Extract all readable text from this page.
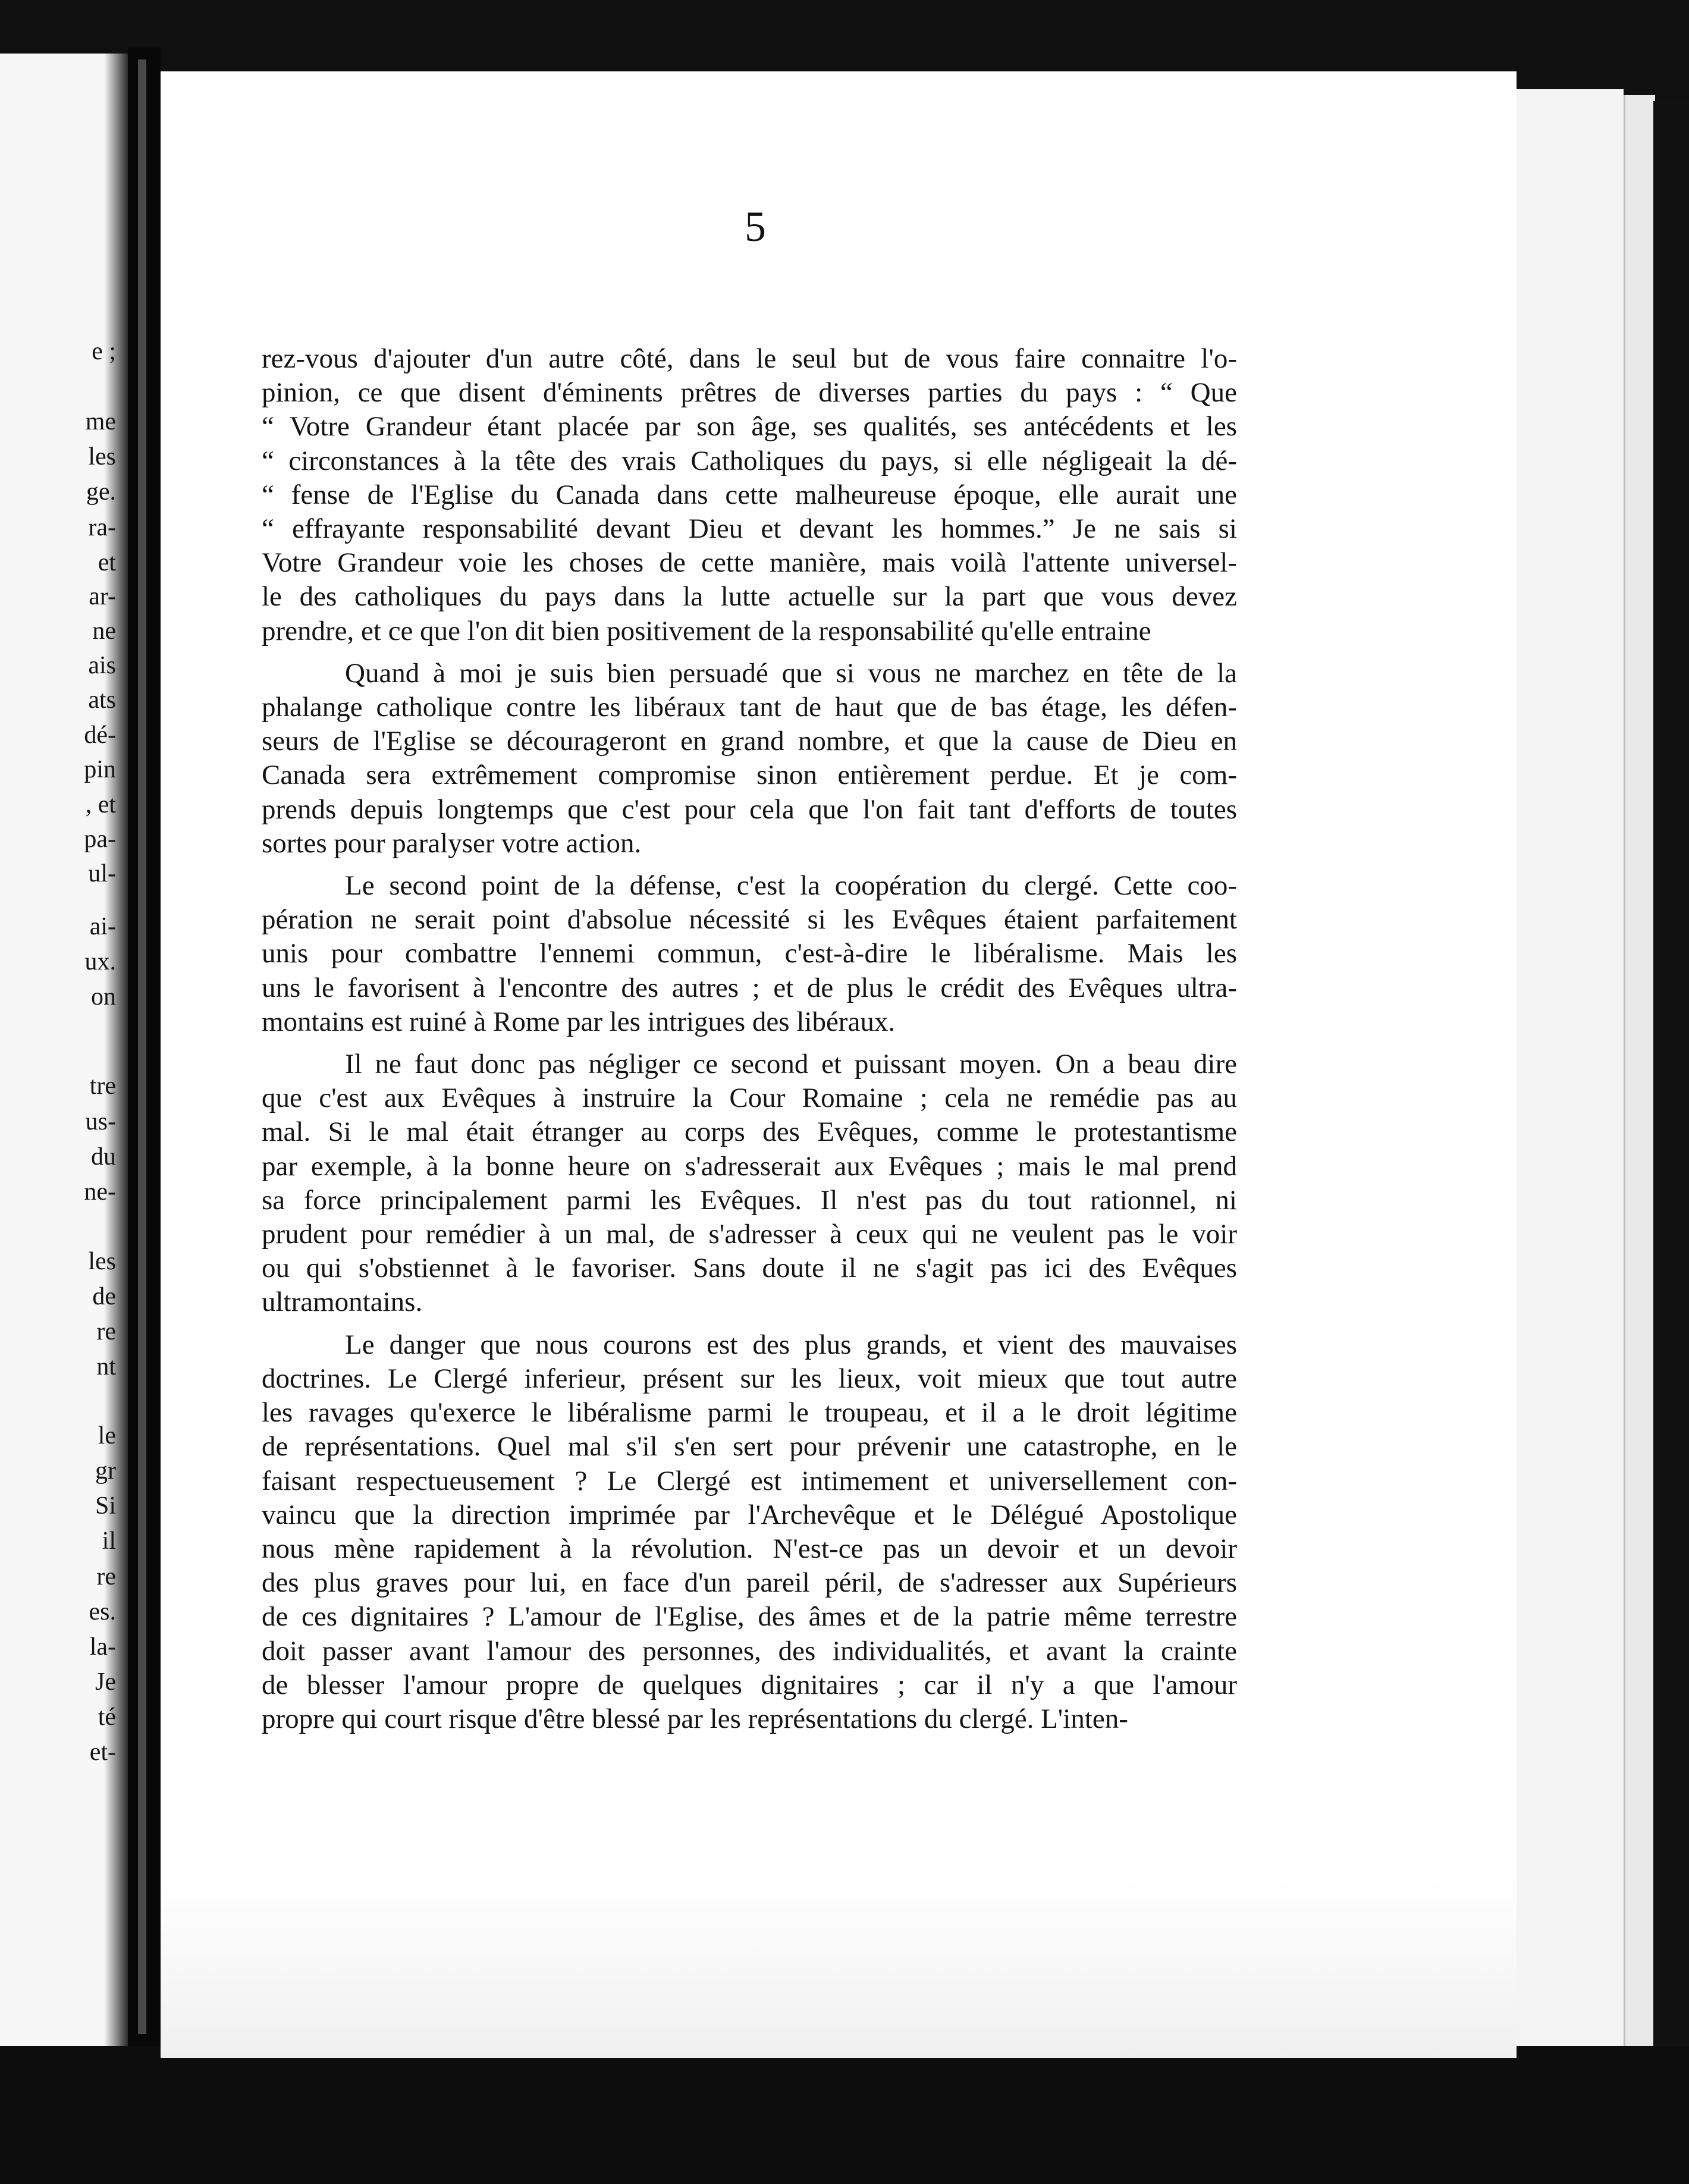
5
e ;
me
les
ge.
ra-
et
ar-
ne
ais
ats
dé-
pin
, et
pa-
ul-
ai-
ux.
on
tre
us-
du
ne-
les
de
re
nt
le
gr
Si
il
re
es.
la-
Je
té
et-
rez-vous d'ajouter d'un autre côté, dans le seul but de vous faire connaitre l'o-
pinion, ce que disent d'éminents prêtres de diverses parties du pays : “ Que
“ Votre Grandeur étant placée par son âge, ses qualités, ses antécédents et les
“ circonstances à la tête des vrais Catholiques du pays, si elle négligeait la dé-
“ fense de l'Eglise du Canada dans cette malheureuse époque, elle aurait une
“ effrayante responsabilité devant Dieu et devant les hommes.” Je ne sais si
Votre Grandeur voie les choses de cette manière, mais voilà l'attente universel-
le des catholiques du pays dans la lutte actuelle sur la part que vous devez
prendre, et ce que l'on dit bien positivement de la responsabilité qu'elle entraine
Quand à moi je suis bien persuadé que si vous ne marchez en tête de la
phalange catholique contre les libéraux tant de haut que de bas étage, les défen-
seurs de l'Eglise se décourageront en grand nombre, et que la cause de Dieu en
Canada sera extrêmement compromise sinon entièrement perdue. Et je com-
prends depuis longtemps que c'est pour cela que l'on fait tant d'efforts de toutes
sortes pour paralyser votre action.
Le second point de la défense, c'est la coopération du clergé. Cette coo-
pération ne serait point d'absolue nécessité si les Evêques étaient parfaitement
unis pour combattre l'ennemi commun, c'est-à-dire le libéralisme. Mais les
uns le favorisent à l'encontre des autres ; et de plus le crédit des Evêques ultra-
montains est ruiné à Rome par les intrigues des libéraux.
Il ne faut donc pas négliger ce second et puissant moyen. On a beau dire
que c'est aux Evêques à instruire la Cour Romaine ; cela ne remédie pas au
mal. Si le mal était étranger au corps des Evêques, comme le protestantisme
par exemple, à la bonne heure on s'adresserait aux Evêques ; mais le mal prend
sa force principalement parmi les Evêques. Il n'est pas du tout rationnel, ni
prudent pour remédier à un mal, de s'adresser à ceux qui ne veulent pas le voir
ou qui s'obstiennet à le favoriser. Sans doute il ne s'agit pas ici des Evêques
ultramontains.
Le danger que nous courons est des plus grands, et vient des mauvaises
doctrines. Le Clergé inferieur, présent sur les lieux, voit mieux que tout autre
les ravages qu'exerce le libéralisme parmi le troupeau, et il a le droit légitime
de représentations. Quel mal s'il s'en sert pour prévenir une catastrophe, en le
faisant respectueusement ? Le Clergé est intimement et universellement con-
vaincu que la direction imprimée par l'Archevêque et le Délégué Apostolique
nous mène rapidement à la révolution. N'est-ce pas un devoir et un devoir
des plus graves pour lui, en face d'un pareil péril, de s'adresser aux Supérieurs
de ces dignitaires ? L'amour de l'Eglise, des âmes et de la patrie même terrestre
doit passer avant l'amour des personnes, des individualités, et avant la crainte
de blesser l'amour propre de quelques dignitaires ; car il n'y a que l'amour
propre qui court risque d'être blessé par les représentations du clergé. L'inten-
